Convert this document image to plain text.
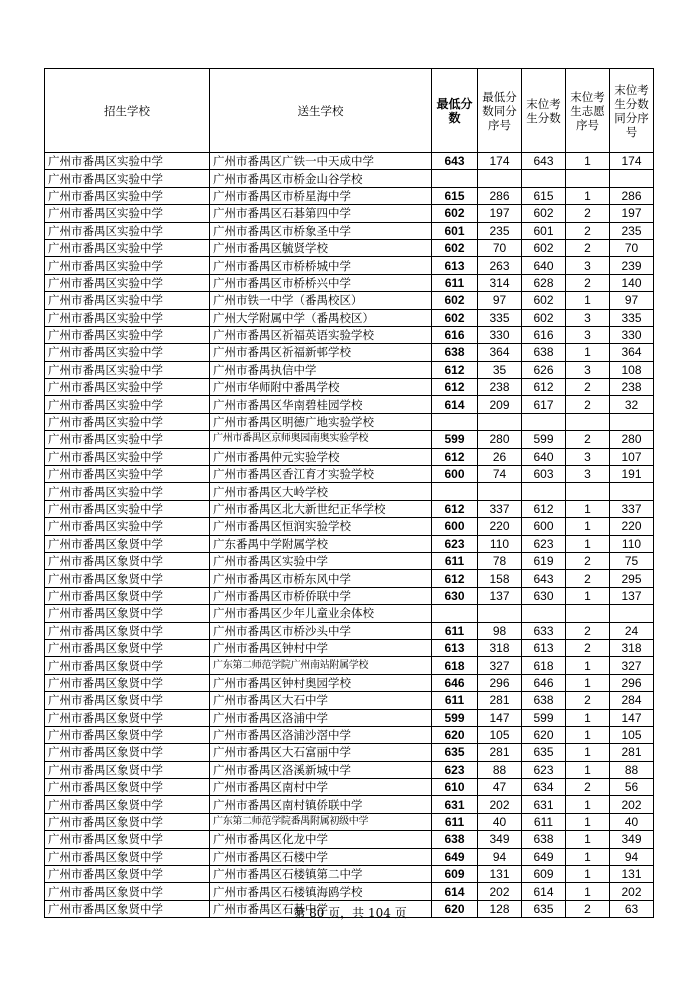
招生学校	送生学校	最低分数	最低分数同分序号	末位考生分数	末位考生志愿序号	末位考生分数同分序号
广州市番禺区实验中学	广州市番禺区广铁一中天成中学	643	174	643	1	174
广州市番禺区实验中学	广州市番禺区市桥金山谷学校					
广州市番禺区实验中学	广州市番禺区市桥星海中学	615	286	615	1	286
广州市番禺区实验中学	广州市番禺区石碁第四中学	602	197	602	2	197
广州市番禺区实验中学	广州市番禺区市桥象圣中学	601	235	601	2	235
广州市番禺区实验中学	广州市番禺区毓贤学校	602	70	602	2	70
广州市番禺区实验中学	广州市番禺区市桥桥城中学	613	263	640	3	239
广州市番禺区实验中学	广州市番禺区市桥桥兴中学	611	314	628	2	140
广州市番禺区实验中学	广州市铁一中学（番禺校区）	602	97	602	1	97
广州市番禺区实验中学	广州大学附属中学（番禺校区）	602	335	602	3	335
广州市番禺区实验中学	广州市番禺区祈福英语实验学校	616	330	616	3	330
广州市番禺区实验中学	广州市番禺区祈福新邨学校	638	364	638	1	364
广州市番禺区实验中学	广州市番禺执信中学	612	35	626	3	108
广州市番禺区实验中学	广州市华师附中番禺学校	612	238	612	2	238
广州市番禺区实验中学	广州市番禺区华南碧桂园学校	614	209	617	2	32
广州市番禺区实验中学	广州市番禺区明德广地实验学校					
广州市番禺区实验中学	广州市番禺区京师奥园南奥实验学校	599	280	599	2	280
广州市番禺区实验中学	广州市番禺仲元实验学校	612	26	640	3	107
广州市番禺区实验中学	广州市番禺区香江育才实验学校	600	74	603	3	191
广州市番禺区实验中学	广州市番禺区大岭学校					
广州市番禺区实验中学	广州市番禺区北大新世纪正华学校	612	337	612	1	337
广州市番禺区实验中学	广州市番禺区恒润实验学校	600	220	600	1	220
广州市番禺区象贤中学	广东番禺中学附属学校	623	110	623	1	110
广州市番禺区象贤中学	广州市番禺区实验中学	611	78	619	2	75
广州市番禺区象贤中学	广州市番禺区市桥东风中学	612	158	643	2	295
广州市番禺区象贤中学	广州市番禺区市桥侨联中学	630	137	630	1	137
广州市番禺区象贤中学	广州市番禺区少年儿童业余体校					
广州市番禺区象贤中学	广州市番禺区市桥沙头中学	611	98	633	2	24
广州市番禺区象贤中学	广州市番禺区钟村中学	613	318	613	2	318
广州市番禺区象贤中学	广东第二师范学院广州南站附属学校	618	327	618	1	327
广州市番禺区象贤中学	广州市番禺区钟村奥园学校	646	296	646	1	296
广州市番禺区象贤中学	广州市番禺区大石中学	611	281	638	2	284
广州市番禺区象贤中学	广州市番禺区洛浦中学	599	147	599	1	147
广州市番禺区象贤中学	广州市番禺区洛浦沙滘中学	620	105	620	1	105
广州市番禺区象贤中学	广州市番禺区大石富丽中学	635	281	635	1	281
广州市番禺区象贤中学	广州市番禺区洛溪新城中学	623	88	623	1	88
广州市番禺区象贤中学	广州市番禺区南村中学	610	47	634	2	56
广州市番禺区象贤中学	广州市番禺区南村镇侨联中学	631	202	631	1	202
广州市番禺区象贤中学	广东第二师范学院番禺附属初级中学	611	40	611	1	40
广州市番禺区象贤中学	广州市番禺区化龙中学	638	349	638	1	349
广州市番禺区象贤中学	广州市番禺区石楼中学	649	94	649	1	94
广州市番禺区象贤中学	广州市番禺区石楼镇第二中学	609	131	609	1	131
广州市番禺区象贤中学	广州市番禺区石楼镇海鸥学校	614	202	614	1	202
广州市番禺区象贤中学	广州市番禺区石碁中学	620	128	635	2	63
第 80 页，共 104 页
